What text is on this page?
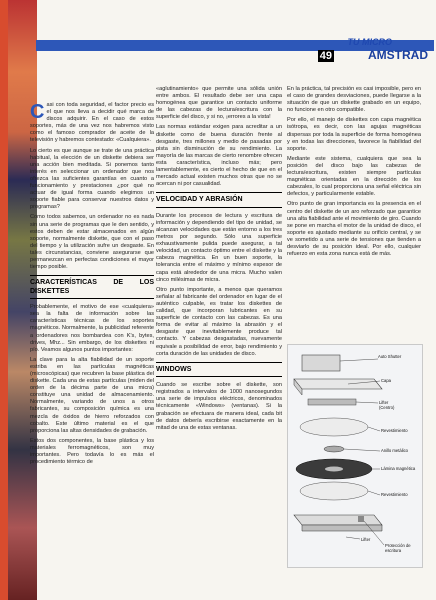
TU MICRO
49	AMSTRAD

Casi con toda seguridad, el factor precio es el que nos lleva a decidir qué marca de discos adquirir. En el caso de estos soportes, más de una vez nos habremos visto como el famoso comprador de aceite de la televisión y habremos contestado: «Cualquiera».

Lo cierto es que aunque se trate de una práctica habitual, la elección de un diskette debiera ser una acción bien meditada. Si ponemos tanto interés en seleccionar un ordenador que nos ofrezca las suficientes garantías en cuanto a funcionamiento y prestaciones ¿por qué no actuar de igual forma cuando elegimos un soporte fiable para conservar nuestros datos y programas?

Como todos sabemos, un ordenador no es nada sin una serie de programas que le den sentido, y estos deben de estar almacenados en algún soporte, normalmente diskette, que con el paso del tiempo y la utilización sufre un desgaste. En tales circunstancias, conviene asegurarse que permanezcan en perfectas condiciones el mayor tiempo posible.

CARACTERÍSTICAS DE LOS DISKETTES

Probablemente, el motivo de ese «cualquiera» sea la falta de información sobre las características técnicas de los soportes magnéticos. Normalmente, la publicidad referente a ordenadores nos bombardea con K's, bytes, drives, Mhz... Sin embargo, de los diskettes ni pío. Veamos algunos puntos importantes:

La clave para la alta fiabilidad de un soporte estriba en las partículas magnéticas (microscópicas) que recubren la base plástica del diskette. Cada una de estas partículas (miden del orden de la décima parte de una micra) constituye una unidad de almacenamiento. Normalmente, variando de unos a otros fabricantes, su composición química es una mezcla de óxidos de hierro reforzados con cobalto. Este último material es el que proporciona las altas densidades de grabación.

Estos dos componentes, la base plástica y los materiales ferromagnéticos, son muy importantes. Pero todavía lo es más el procedimiento térmico de

«aglutinamiento» que permite una sólida unión entre ambos. El resultado debe ser una capa homogénea que garantice un contacto uniforme de las cabezas de lectura/escritura con la superficie del disco, y si no, ¡errores a la vista!

Las normas estándar exigen para acreditar a un diskette como de buena duración frente al desgaste, tres millones y medio de pasadas por pista sin disminución de su rendimiento. La mayoría de las marcas de cierto renombre ofrecen esta característica, incluso más; pero lamentablemente, es cierto el hecho de que en el mercado actual existen muchos otras que no se acercan ni por casualidad.

VELOCIDAD Y ABRASIÓN

Durante los procesos de lectura y escritura de información y dependiendo del tipo de unidad, se alcanzan velocidades que están entorno a los tres metros por segundo. Sólo una superficie exhaustivamente pulida puede asegurar, a tal velocidad, un contacto óptimo entre el diskette y la cabeza magnética. En un buen soporte, la tolerancia entre el máximo y mínimo espesor de capa está alrededor de una micra. Mucho valen cinco milésimas de micra.

Otro punto importante, a menos que queramos señalar al fabricante del ordenador en lugar de el auténtico culpable, es tratar los diskettes de calidad, que incorporan lubricantes en su superficie de contacto con las cabezas. Es una forma de evitar al máximo la abrasión y el desgaste que inevitablemente produce tal contacto. Y cabezas desgastadas, nuevamente equivale a posibilidad de error, bajo rendimiento y corta duración de las unidades de disco.

WINDOWS

Cuando se escribe sobre el diskette, son registrados a intervalos de 1000 nanosegundos una serie de impulsos eléctricos, denominados técnicamente «Windows» (ventanas). Si la grabación se efectuara de manera ideal, cada bit de datos debería escribirse exactamente en la mitad de una de estas ventanas.

En la práctica, tal precisión es casi imposible, pero en el caso de grandes desviaciones, puede llegarse a la situación de que un diskette grabado en un equipo, no funcione en otro compatible.

Por ello, el manejo de diskettes con capa magnética isótropa, es decir, con las agujas magnéticas dispersas por toda la superficie de forma homogénea y en todas las direcciones, favorece la fiabilidad del soporte.

Mediante este sistema, cualquiera que sea la posición del disco bajo las cabezas de lectura/escritura, existen siempre partículas magnéticas orientadas en la dirección de los cabezales, lo cual proporciona una señal eléctrica sin defectos, y particularmente estable.

Otro punto de gran importancia es la presencia en el centro del diskette de un aro reforzado que garantice una alta fiabilidad ante el movimiento de giro. Cuando se pone en marcha el motor de la unidad de disco, el soporte es ajustado mediante su orificio central, y se ve sometido a una serie de tensiones que tienden a desviarlo de su posición ideal. Por ello, cualquier refuerzo en esta zona nunca está de más.

Auto Shutter
Capa
Lifter
(Centro)
Revestimiento
Anillo metálico
Lámina magnética
Revestimiento
Lifter
Protección de
escritura
